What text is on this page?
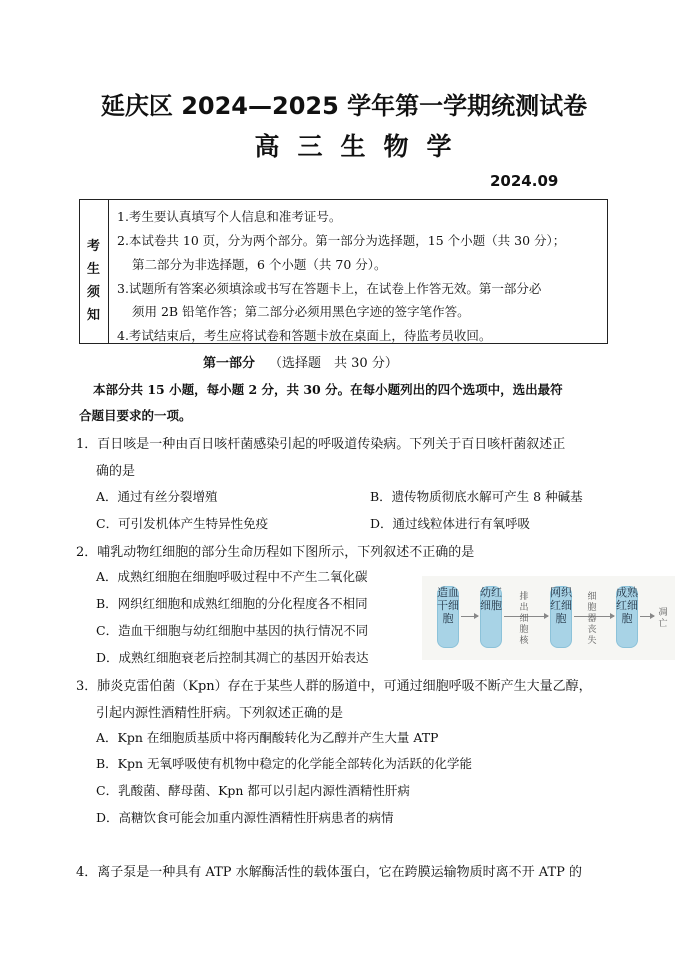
延庆区 2024—2025 学年第一学期统测试卷
高三生物学
2024.09
考
生
须
知
1.考生要认真填写个人信息和准考证号。
2.本试卷共 10 页，分为两个部分。第一部分为选择题，15 个小题（共 30 分）；
第二部分为非选择题，6 个小题（共 70 分）。
3.试题所有答案必须填涂或书写在答题卡上，在试卷上作答无效。第一部分必
须用 2B 铅笔作答；第二部分必须用黑色字迹的签字笔作答。
4.考试结束后，考生应将试卷和答题卡放在桌面上，待监考员收回。
第一部分 （选择题　共 30 分）
本部分共 15 小题，每小题 2 分，共 30 分。在每小题列出的四个选项中，选出最符
合题目要求的一项。
1．百日咳是一种由百日咳杆菌感染引起的呼吸道传染病。下列关于百日咳杆菌叙述正
确的是
A．通过有丝分裂增殖	B．遗传物质彻底水解可产生 8 种碱基
C．可引发机体产生特异性免疫	D．通过线粒体进行有氧呼吸
2．哺乳动物红细胞的部分生命历程如下图所示，下列叙述不正确的是
A．成熟红细胞在细胞呼吸过程中不产生二氧化碳
B．网织红细胞和成熟红细胞的分化程度各不相同
C．造血干细胞与幼红细胞中基因的执行情况不同
D．成熟红细胞衰老后控制其凋亡的基因开始表达
造血干细胞
幼红细胞
排出细胞核
网织红细胞
细胞器丧失
成熟红细胞	凋亡
3．肺炎克雷伯菌（Kpn）存在于某些人群的肠道中，可通过细胞呼吸不断产生大量乙醇，
引起内源性酒精性肝病。下列叙述正确的是
A．Kpn 在细胞质基质中将丙酮酸转化为乙醇并产生大量 ATP
B．Kpn 无氧呼吸使有机物中稳定的化学能全部转化为活跃的化学能
C．乳酸菌、酵母菌、Kpn 都可以引起内源性酒精性肝病
D．高糖饮食可能会加重内源性酒精性肝病患者的病情
4．离子泵是一种具有 ATP 水解酶活性的载体蛋白，它在跨膜运输物质时离不开 ATP 的
